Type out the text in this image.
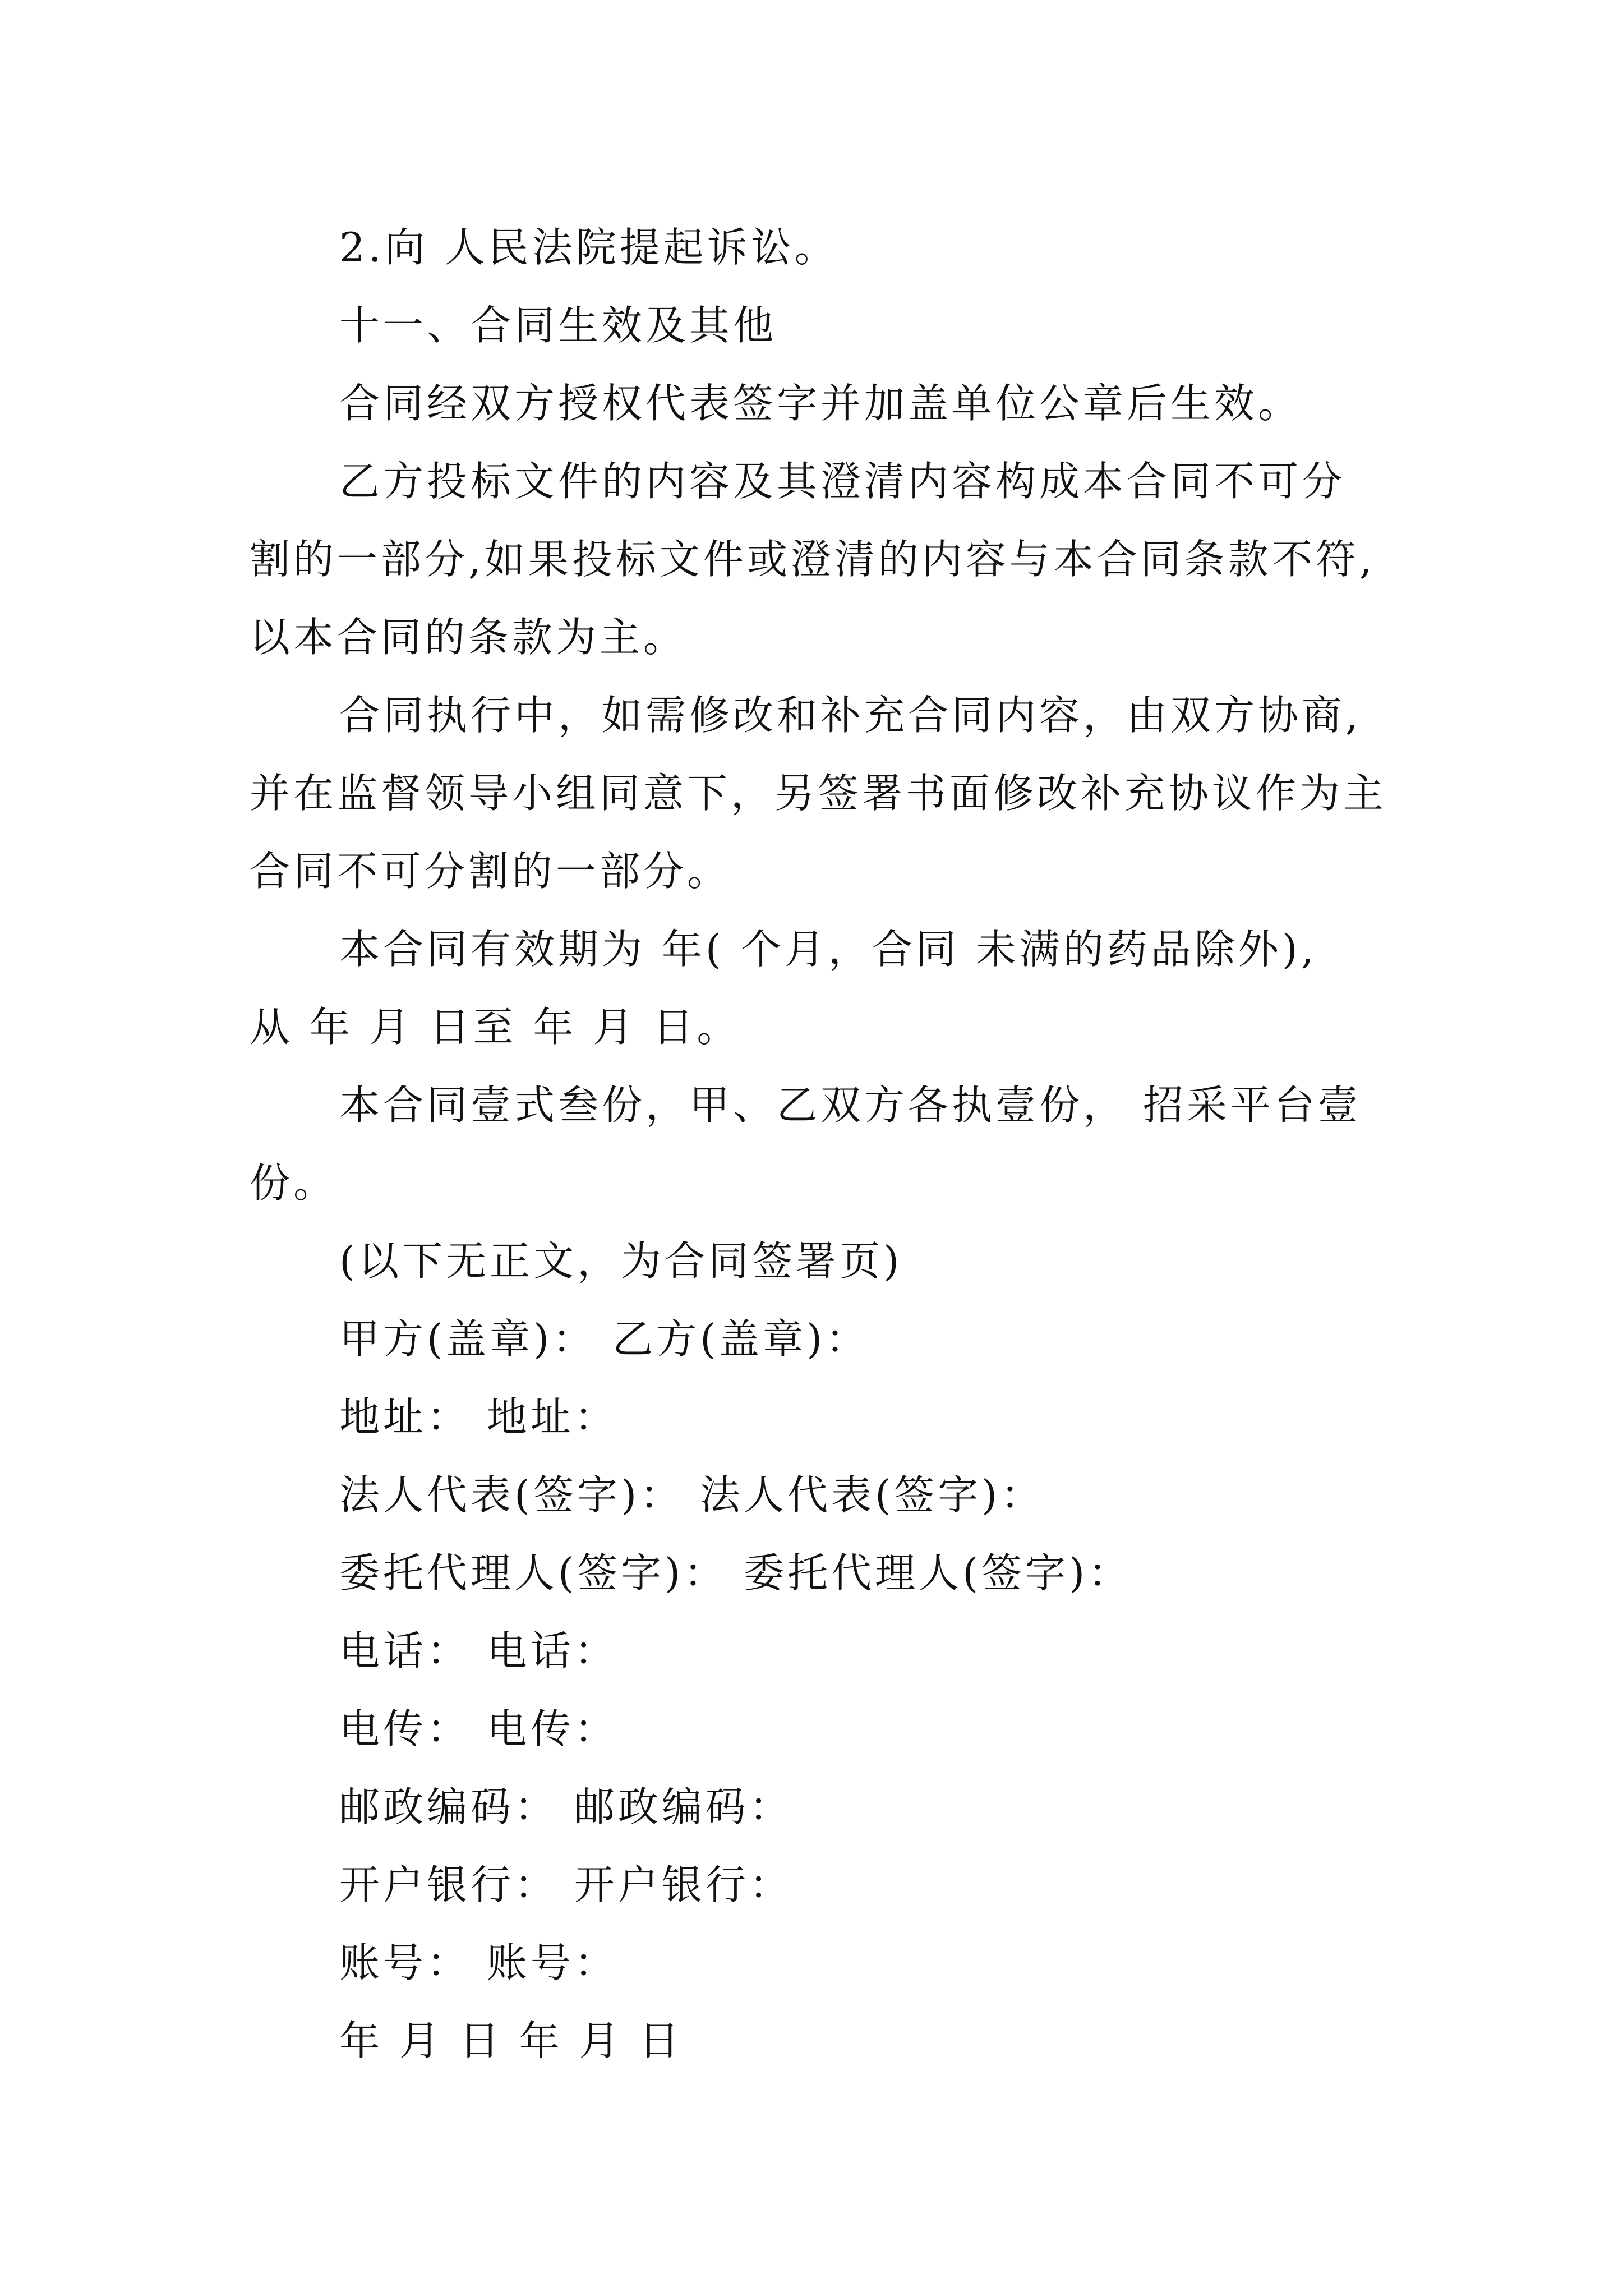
2.向 人民法院提起诉讼。
十一、合同生效及其他
合同经双方授权代表签字并加盖单位公章后生效。
乙方投标文件的内容及其澄清内容构成本合同不可分
割的一部分,如果投标文件或澄清的内容与本合同条款不符,
以本合同的条款为主。
合同执行中，如需修改和补充合同内容，由双方协商,
并在监督领导小组同意下，另签署书面修改补充协议作为主
合同不可分割的一部分。
本合同有效期为 年( 个月，合同 未满的药品除外),
从 年 月 日至 年 月 日。
本合同壹式叁份，甲、乙双方各执壹份， 招采平台壹
份。
(以下无正文，为合同签署页)
甲方(盖章)： 乙方(盖章)：
地址： 地址：
法人代表(签字)： 法人代表(签字)：
委托代理人(签字)： 委托代理人(签字)：
电话： 电话：
电传： 电传：
邮政编码： 邮政编码：
开户银行： 开户银行：
账号： 账号：
年 月 日 年 月 日
